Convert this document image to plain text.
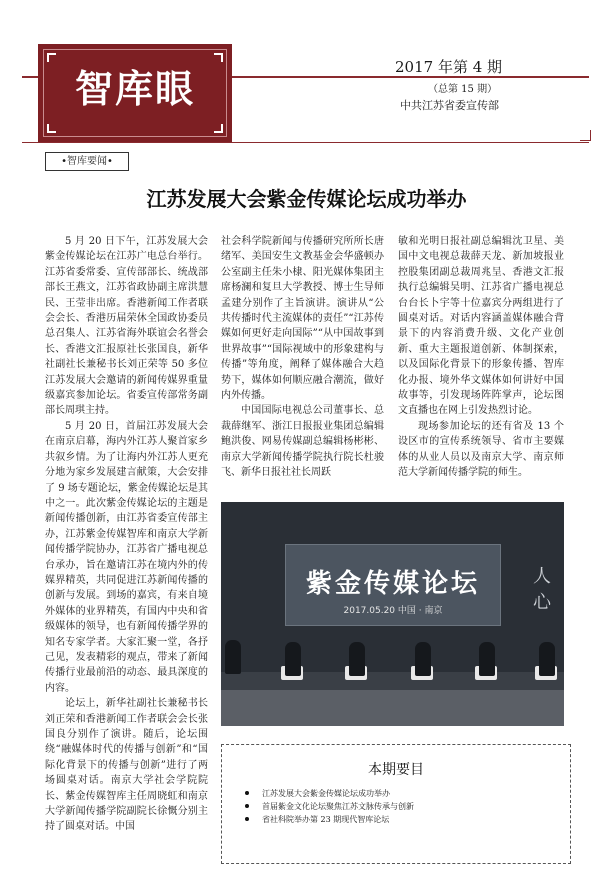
智库眼	2017 年第 4 期
（总第 15 期）
中共江苏省委宣传部
•智库要闻•
江苏发展大会紫金传媒论坛成功举办

5 月 20 日下午，江苏发展大会紫金传媒论坛在江苏广电总台举行。江苏省委常委、宣传部部长、统战部部长王燕文，江苏省政协副主席洪慧民、王莹非出席。香港新闻工作者联会会长、香港历届荣休全国政协委员总召集人、江苏省海外联谊会名誉会长、香港文汇报原社长张国良，新华社副社长兼秘书长刘正荣等 50 多位江苏发展大会邀请的新闻传媒界重量级嘉宾参加论坛。省委宣传部常务副部长周琪主持。

5 月 20 日，首届江苏发展大会在南京启幕，海内外江苏人聚首家乡共叙乡情。为了让海内外江苏人更充分地为家乡发展建言献策，大会安排了 9 场专题论坛，紫金传媒论坛是其中之一。此次紫金传媒论坛的主题是新闻传播创新，由江苏省委宣传部主办，江苏紫金传媒智库和南京大学新闻传播学院协办，江苏省广播电视总台承办，旨在邀请江苏在境内外的传媒界精英，共同促进江苏新闻传播的创新与发展。到场的嘉宾，有来自境外媒体的业界精英，有国内中央和省级媒体的领导，也有新闻传播学界的知名专家学者。大家汇聚一堂，各抒己见，发表精彩的观点，带来了新闻传播行业最前沿的动态、最具深度的内容。

论坛上，新华社副社长兼秘书长刘正荣和香港新闻工作者联会会长张国良分别作了演讲。随后，论坛围绕“融媒体时代的传播与创新”和“国际化背景下的传播与创新”进行了两场圆桌对话。南京大学社会学院院长、紫金传媒智库主任周晓虹和南京大学新闻传播学院副院长徐慨分别主持了圆桌对话。中国

社会科学院新闻与传播研究所所长唐绪军、美国安生文教基金会华盛顿办公室副主任朱小棣、阳光媒体集团主席杨澜和复旦大学教授、博士生导师孟建分别作了主旨演讲。演讲从“公共传播时代主流媒体的责任”“江苏传媒如何更好走向国际”“从中国故事到世界故事”“国际视域中的形象建构与传播”等角度，阐释了媒体融合大趋势下，媒体如何顺应融合潮流，做好内外传播。

中国国际电视总公司董事长、总裁薛继军、浙江日报报业集团总编辑鲍洪俊、网易传媒副总编辑杨彬彬、南京大学新闻传播学院执行院长杜骏飞、新华日报社社长周跃

敏和光明日报社副总编辑沈卫星、美国中文电视总裁薛天龙、新加坡报业控股集团副总裁周兆呈、香港文汇报执行总编辑吴明、江苏省广播电视总台台长卜宇等十位嘉宾分两组进行了圆桌对话。对话内容涵盖媒体融合背景下的内容消费升级、文化产业创新、重大主题报道创新、体制探索，以及国际化背景下的形象传播、智库化办报、境外华文媒体如何讲好中国故事等，引发现场阵阵掌声，论坛图文直播也在网上引发热烈讨论。

现场参加论坛的还有省及 13 个设区市的宣传系统领导、省市主要媒体的从业人员以及南京大学、南京师范大学新闻传播学院的师生。

紫金传媒论坛
2017.05.20 中国 · 南京
人 心
本期要目
江苏发展大会紫金传媒论坛成功举办
首届紫金文化论坛聚焦江苏文脉传承与创新
省社科院举办第 23 期现代智库论坛
